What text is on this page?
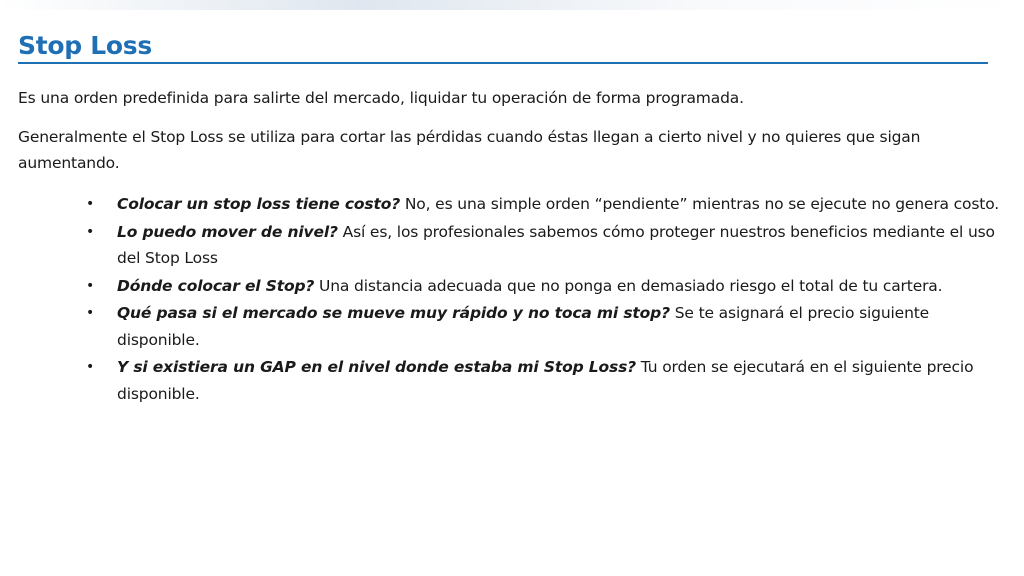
Stop Loss

Es una orden predefinida para salirte del mercado, liquidar tu operación de forma programada.

Generalmente el Stop Loss se utiliza para cortar las pérdidas cuando éstas llegan a cierto nivel y no quieres que sigan aumentando.

• Colocar un stop loss tiene costo? No, es una simple orden “pendiente” mientras no se ejecute no genera costo.
• Lo puedo mover de nivel? Así es, los profesionales sabemos cómo proteger nuestros beneficios mediante el uso del Stop Loss
• Dónde colocar el Stop? Una distancia adecuada que no ponga en demasiado riesgo el total de tu cartera.
• Qué pasa si el mercado se mueve muy rápido y no toca mi stop? Se te asignará el precio siguiente disponible.
• Y si existiera un GAP en el nivel donde estaba mi Stop Loss? Tu orden se ejecutará en el siguiente precio disponible.
